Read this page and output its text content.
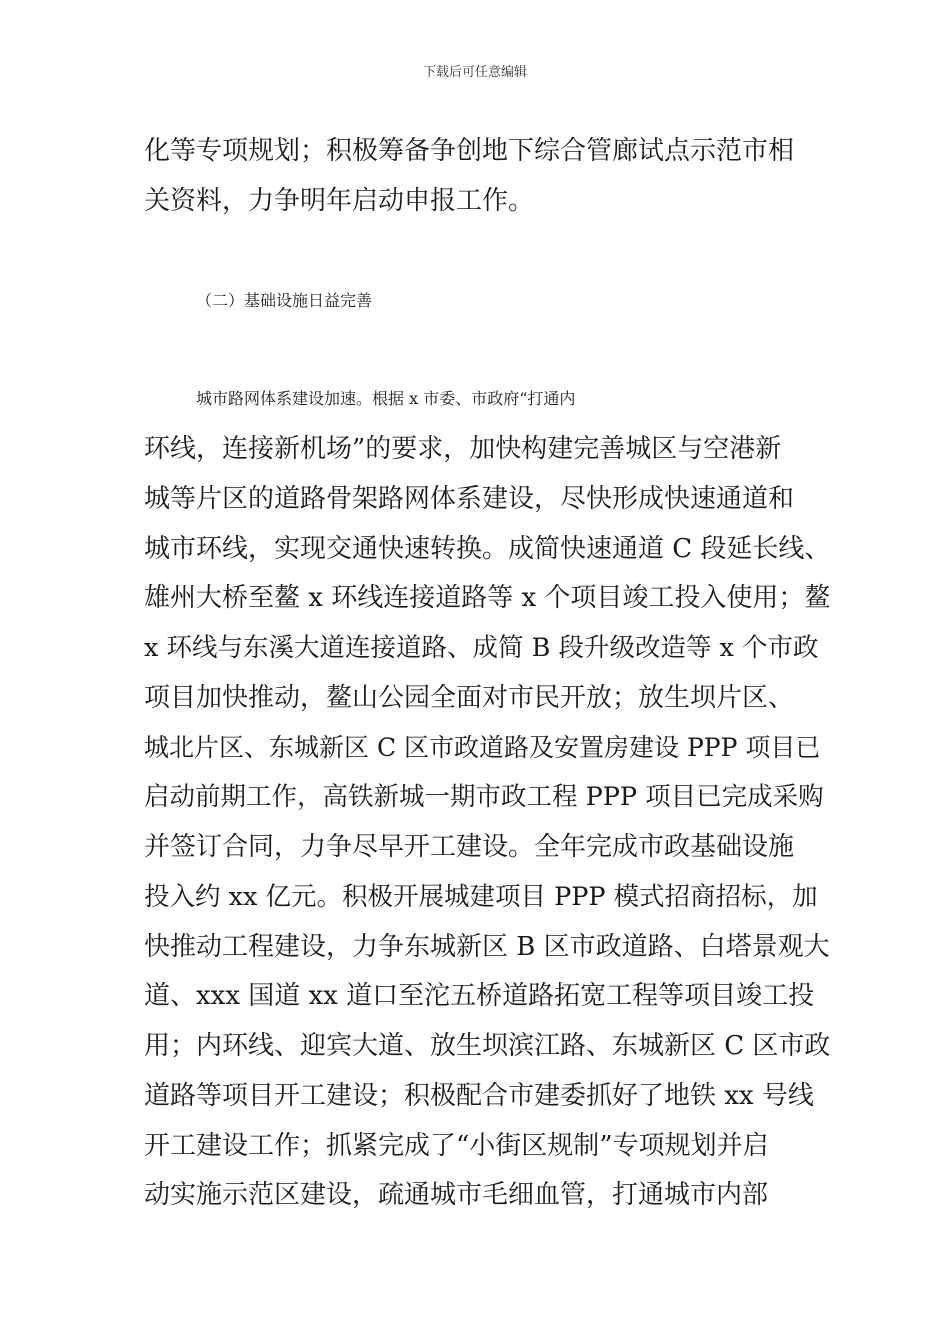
下载后可任意编辑
化等专项规划；积极筹备争创地下综合管廊试点示范市相
关资料，力争明年启动申报工作。
（二）基础设施日益完善
城市路网体系建设加速。根据 x 市委、市政府“打通内
环线，连接新机场”的要求，加快构建完善城区与空港新
城等片区的道路骨架路网体系建设，尽快形成快速通道和
城市环线，实现交通快速转换。成简快速通道 C 段延长线、
雄州大桥至鳌 x 环线连接道路等 x 个项目竣工投入使用；鳌
x 环线与东溪大道连接道路、成简 B 段升级改造等 x 个市政
项目加快推动，鳌山公园全面对市民开放；放生坝片区、
城北片区、东城新区 C 区市政道路及安置房建设 PPP 项目已
启动前期工作，高铁新城一期市政工程 PPP 项目已完成采购
并签订合同，力争尽早开工建设。全年完成市政基础设施
投入约 xx 亿元。积极开展城建项目 PPP 模式招商招标，加
快推动工程建设，力争东城新区 B 区市政道路、白塔景观大
道、xxx 国道 xx 道口至沱五桥道路拓宽工程等项目竣工投
用；内环线、迎宾大道、放生坝滨江路、东城新区 C 区市政
道路等项目开工建设；积极配合市建委抓好了地铁 xx 号线
开工建设工作；抓紧完成了“小街区规制”专项规划并启
动实施示范区建设，疏通城市毛细血管，打通城市内部
